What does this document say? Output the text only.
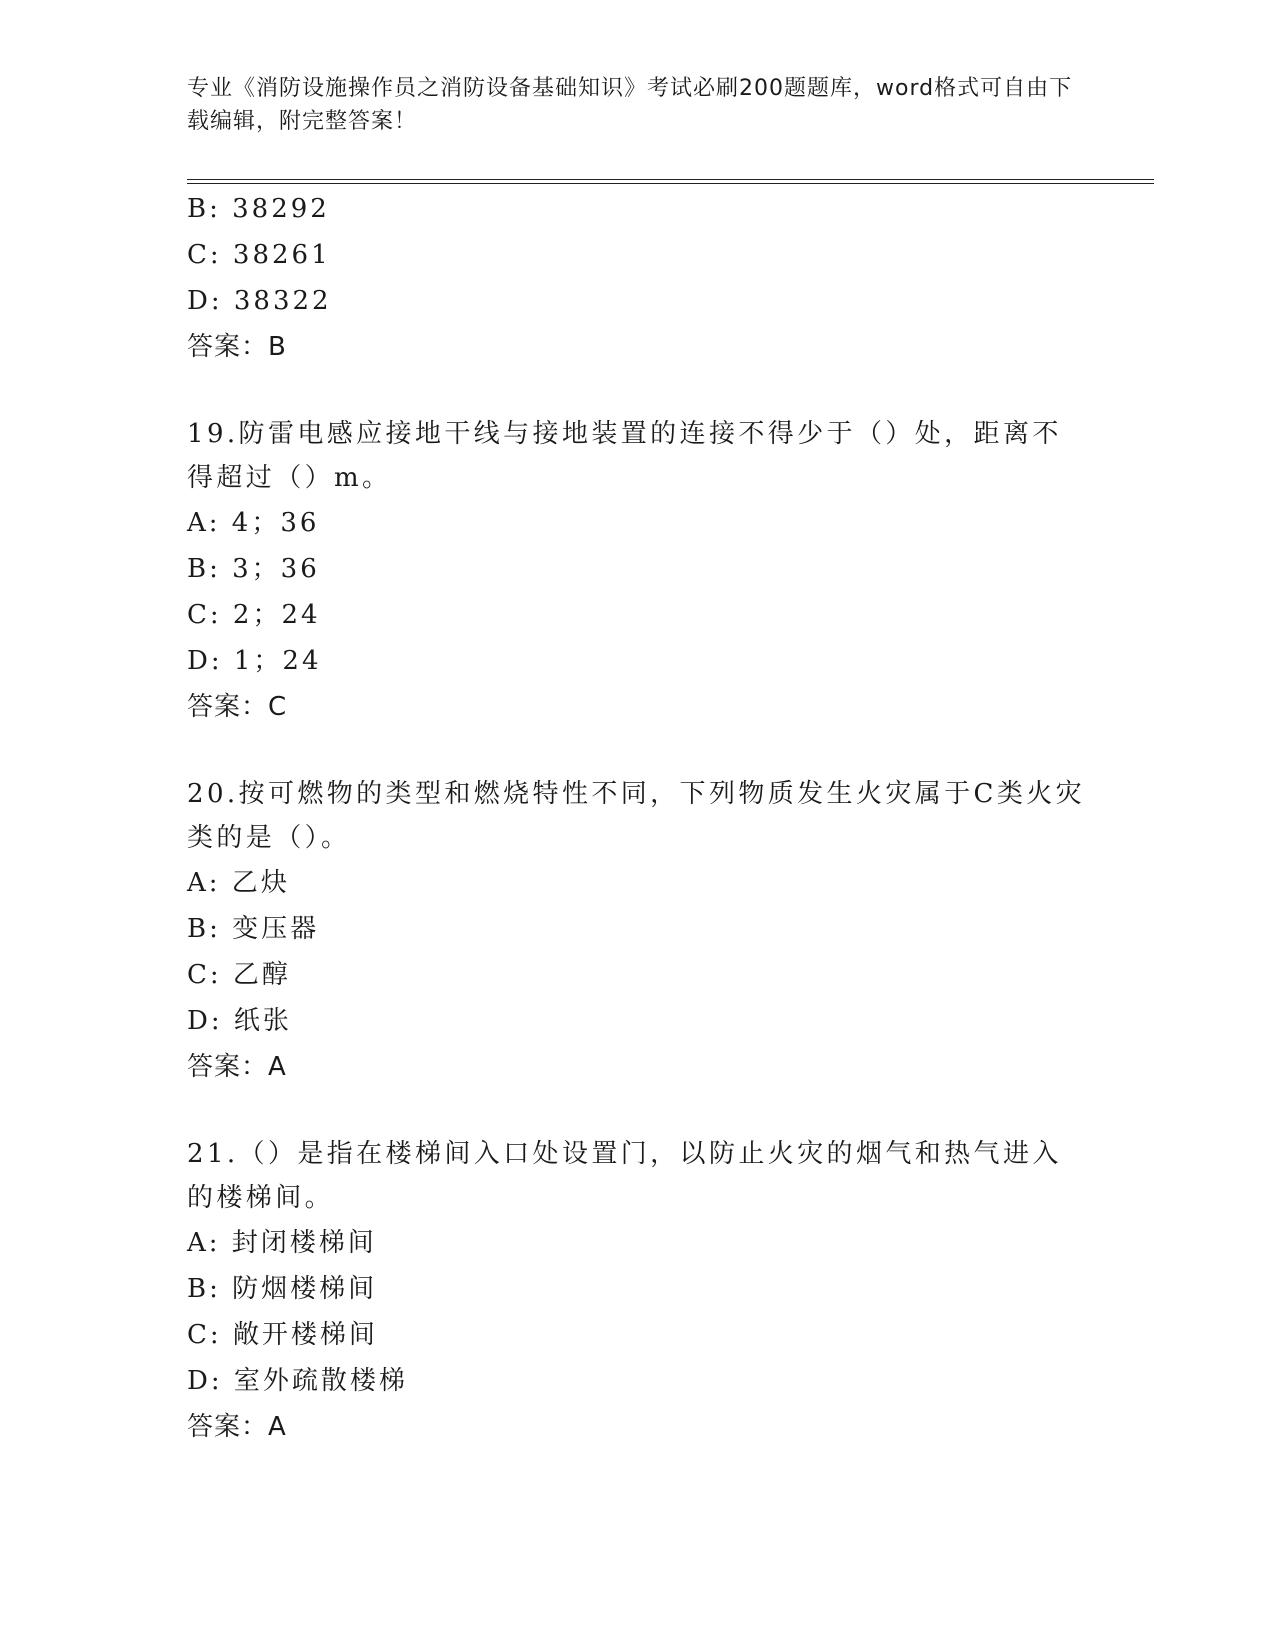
专业《消防设施操作员之消防设备基础知识》考试必刷200题题库，word格式可自由下载编辑，附完整答案！
B: 38292
C: 38261
D: 38322
答案：B
19.防雷电感应接地干线与接地装置的连接不得少于（）处，距离不得超过（）m。
A: 4；36
B: 3；36
C: 2；24
D: 1；24
答案：C
20.按可燃物的类型和燃烧特性不同，下列物质发生火灾属于C类火灾类的是（）。
A: 乙炔
B: 变压器
C: 乙醇
D: 纸张
答案：A
21.（）是指在楼梯间入口处设置门，以防止火灾的烟气和热气进入的楼梯间。
A: 封闭楼梯间
B: 防烟楼梯间
C: 敞开楼梯间
D: 室外疏散楼梯
答案：A
